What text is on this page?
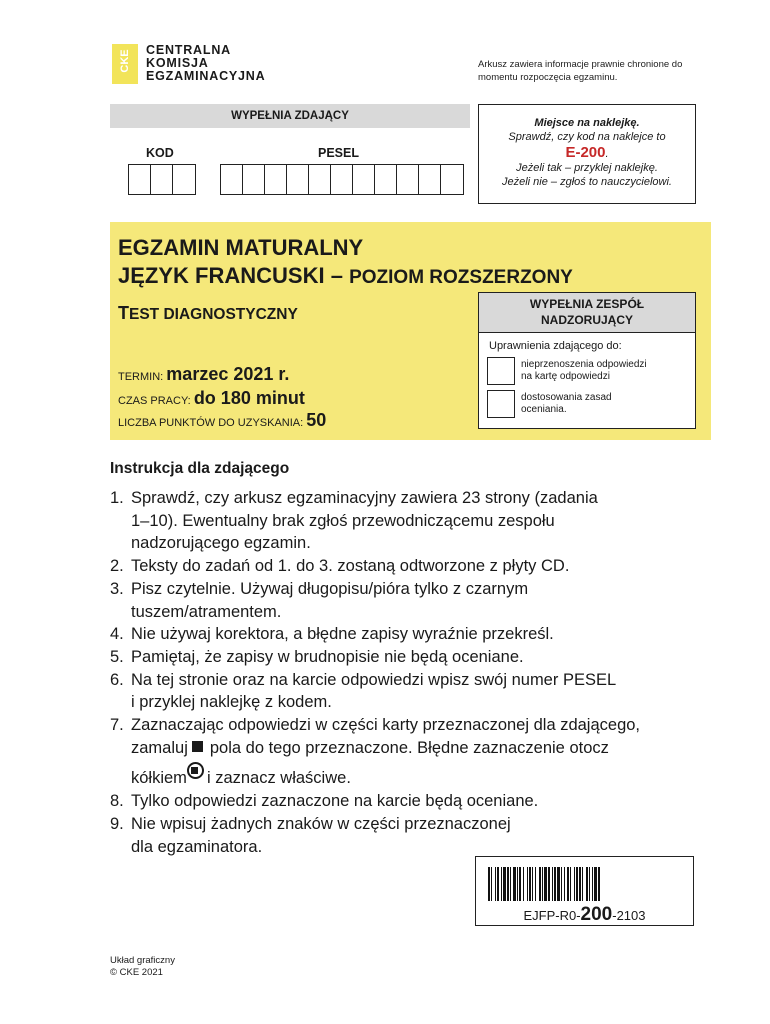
CKE CENTRALNA
KOMISJA
EGZAMINACYJNA
Arkusz zawiera informacje prawnie chronione do momentu rozpoczęcia egzaminu.
WYPEŁNIA ZDAJĄCY
KOD	PESEL
Miejsce na naklejkę.
Sprawdź, czy kod na naklejce to
E-200.
Jeżeli tak – przyklej naklejkę.
Jeżeli nie – zgłoś to nauczycielowi.
EGZAMIN MATURALNY
JĘZYK FRANCUSKI – POZIOM ROZSZERZONY
TEST DIAGNOSTYCZNY
TERMIN: marzec 2021 r.
CZAS PRACY: do 180 minut
LICZBA PUNKTÓW DO UZYSKANIA: 50
WYPEŁNIA ZESPÓŁ
NADZORUJĄCY
Uprawnienia zdającego do:
nieprzenoszenia odpowiedzi
na kartę odpowiedzi
dostosowania zasad
oceniania.
Instrukcja dla zdającego
1. Sprawdź, czy arkusz egzaminacyjny zawiera 23 strony (zadania
1–10). Ewentualny brak zgłoś przewodniczącemu zespołu
nadzorującego egzamin.
2. Teksty do zadań od 1. do 3. zostaną odtworzone z płyty CD.
3. Pisz czytelnie. Używaj długopisu/pióra tylko z czarnym
tuszem/atramentem.
4. Nie używaj korektora, a błędne zapisy wyraźnie przekreśl.
5. Pamiętaj, że zapisy w brudnopisie nie będą oceniane.
6. Na tej stronie oraz na karcie odpowiedzi wpisz swój numer PESEL
i przyklej naklejkę z kodem.
7. Zaznaczając odpowiedzi w części karty przeznaczonej dla zdającego,
zamaluj pola do tego przeznaczone. Błędne zaznaczenie otocz
kółkiem i zaznacz właściwe.
8. Tylko odpowiedzi zaznaczone na karcie będą oceniane.
9. Nie wpisuj żadnych znaków w części przeznaczonej
dla egzaminatora.
EJFP-R0-200-2103
Układ graficzny
© CKE 2021
